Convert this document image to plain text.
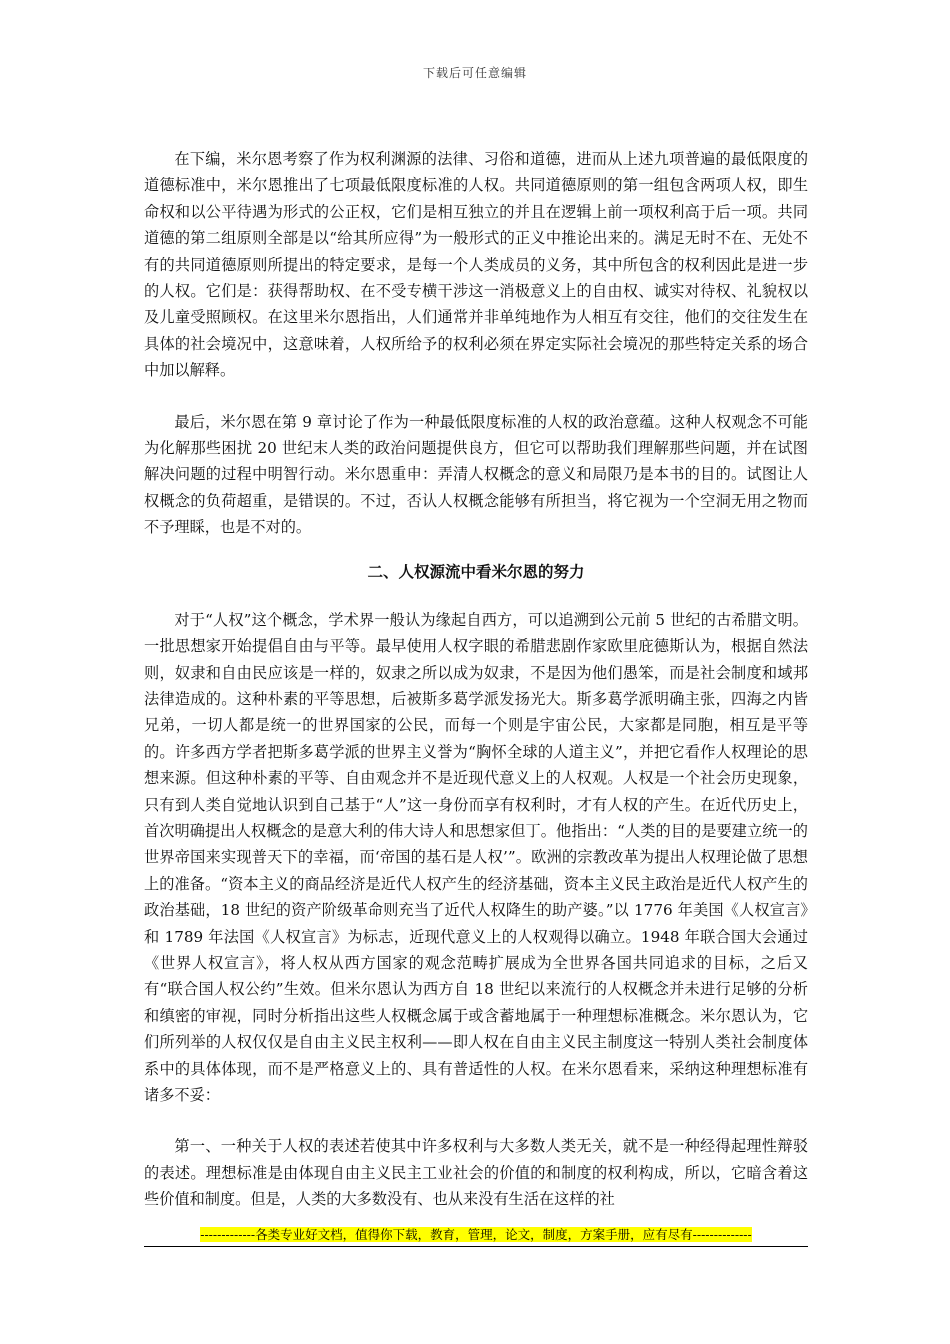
下载后可任意编辑

在下编，米尔恩考察了作为权利渊源的法律、习俗和道德，进而从上述九项普遍的最低限度的道德标准中，米尔恩推出了七项最低限度标准的人权。共同道德原则的第一组包含两项人权，即生命权和以公平待遇为形式的公正权，它们是相互独立的并且在逻辑上前一项权利高于后一项。共同道德的第二组原则全部是以“给其所应得”为一般形式的正义中推论出来的。满足无时不在、无处不有的共同道德原则所提出的特定要求，是每一个人类成员的义务，其中所包含的权利因此是进一步的人权。它们是：获得帮助权、在不受专横干涉这一消极意义上的自由权、诚实对待权、礼貌权以及儿童受照顾权。在这里米尔恩指出，人们通常并非单纯地作为人相互有交往，他们的交往发生在具体的社会境况中，这意味着，人权所给予的权利必须在界定实际社会境况的那些特定关系的场合中加以解释。

最后，米尔恩在第 9 章讨论了作为一种最低限度标准的人权的政治意蕴。这种人权观念不可能为化解那些困扰 20 世纪末人类的政治问题提供良方，但它可以帮助我们理解那些问题，并在试图解决问题的过程中明智行动。米尔恩重申：弄清人权概念的意义和局限乃是本书的目的。试图让人权概念的负荷超重，是错误的。不过，否认人权概念能够有所担当，将它视为一个空洞无用之物而不予理睬，也是不对的。

二、人权源流中看米尔恩的努力

对于“人权”这个概念，学术界一般认为缘起自西方，可以追溯到公元前 5 世纪的古希腊文明。一批思想家开始提倡自由与平等。最早使用人权字眼的希腊悲剧作家欧里庇德斯认为，根据自然法则，奴隶和自由民应该是一样的，奴隶之所以成为奴隶，不是因为他们愚笨，而是社会制度和域邦法律造成的。这种朴素的平等思想，后被斯多葛学派发扬光大。斯多葛学派明确主张，四海之内皆兄弟，一切人都是统一的世界国家的公民，而每一个则是宇宙公民，大家都是同胞，相互是平等的。许多西方学者把斯多葛学派的世界主义誉为“胸怀全球的人道主义”，并把它看作人权理论的思想来源。但这种朴素的平等、自由观念并不是近现代意义上的人权观。人权是一个社会历史现象，只有到人类自觉地认识到自己基于“人”这一身份而享有权利时，才有人权的产生。在近代历史上，首次明确提出人权概念的是意大利的伟大诗人和思想家但丁。他指出：“人类的目的是要建立统一的世界帝国来实现普天下的幸福，而‘帝国的基石是人权’”。欧洲的宗教改革为提出人权理论做了思想上的准备。“资本主义的商品经济是近代人权产生的经济基础，资本主义民主政治是近代人权产生的政治基础，18 世纪的资产阶级革命则充当了近代人权降生的助产婆。”以 1776 年美国《人权宣言》和 1789 年法国《人权宣言》为标志，近现代意义上的人权观得以确立。1948 年联合国大会通过《世界人权宣言》，将人权从西方国家的观念范畴扩展成为全世界各国共同追求的目标，之后又有“联合国人权公约”生效。但米尔恩认为西方自 18 世纪以来流行的人权概念并未进行足够的分析和缜密的审视，同时分析指出这些人权概念属于或含蓄地属于一种理想标准概念。米尔恩认为，它们所列举的人权仅仅是自由主义民主权利——即人权在自由主义民主制度这一特别人类社会制度体系中的具体体现，而不是严格意义上的、具有普适性的人权。在米尔恩看来，采纳这种理想标准有诸多不妥：

第一、一种关于人权的表述若使其中许多权利与大多数人类无关，就不是一种经得起理性辩驳的表述。理想标准是由体现自由主义民主工业社会的价值的和制度的权利构成，所以，它暗含着这些价值和制度。但是，人类的大多数没有、也从来没有生活在这样的社

-------------各类专业好文档，值得你下载，教育，管理，论文，制度，方案手册，应有尽有--------------
